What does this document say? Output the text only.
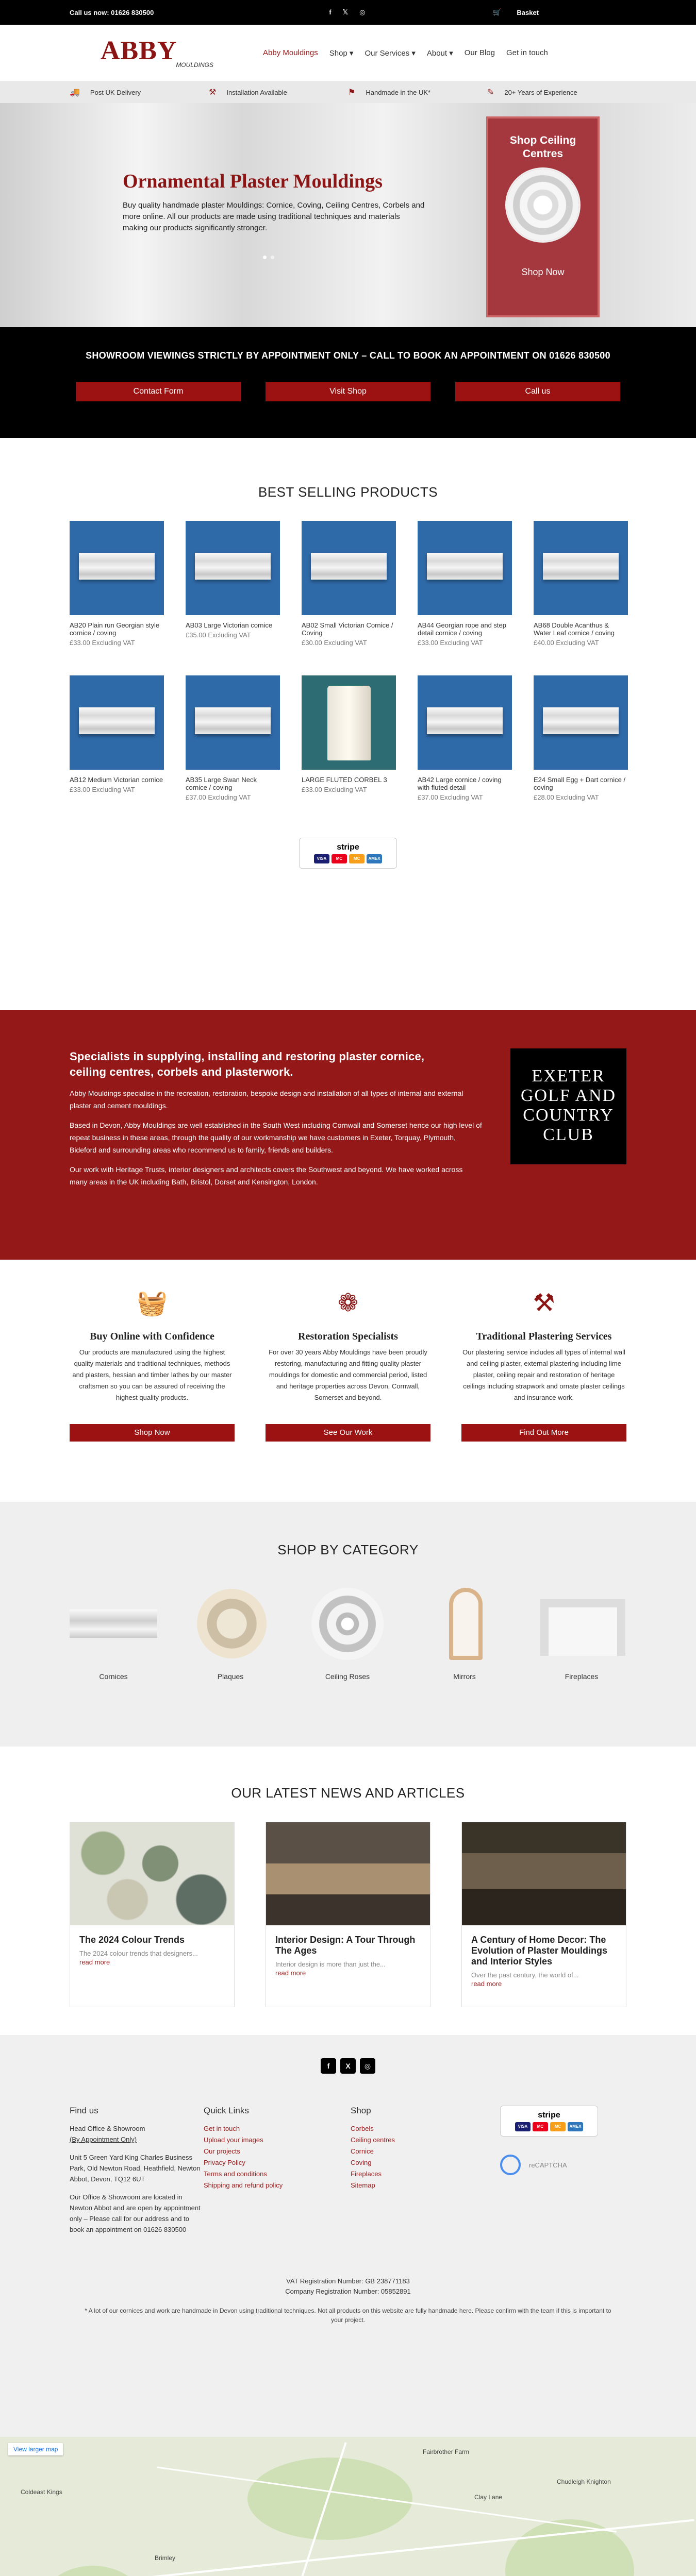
Call us now: 01626 830500	f 𝕏 ◎	🛒 Basket
ABBY
MOULDINGS
Abby Mouldings Shop ▾ Our Services ▾ About ▾ Our Blog Get in touch
🚚 Post UK Delivery	⚒ Installation Available	⚑ Handmade in the UK*	✎ 20+ Years of Experience
Ornamental Plaster Mouldings
Buy quality handmade plaster Mouldings: Cornice, Coving, Ceiling Centres, Corbels and more online. All our products are made using traditional techniques and materials making our products significantly stronger.
Shop Ceiling Centres
Shop Now
SHOWROOM VIEWINGS STRICTLY BY APPOINTMENT ONLY – CALL TO BOOK AN APPOINTMENT ON 01626 830500
Contact Form	Visit Shop	Call us
BEST SELLING PRODUCTS
AB20 Plain run Georgian style cornice / coving
£33.00 Excluding VAT
AB03 Large Victorian cornice
£35.00 Excluding VAT
AB02 Small Victorian Cornice / Coving
£30.00 Excluding VAT
AB44 Georgian rope and step detail cornice / coving
£33.00 Excluding VAT
AB68 Double Acanthus & Water Leaf cornice / coving
£40.00 Excluding VAT
AB12 Medium Victorian cornice
£33.00 Excluding VAT
AB35 Large Swan Neck cornice / coving
£37.00 Excluding VAT
LARGE FLUTED CORBEL 3
£33.00 Excluding VAT
AB42 Large cornice / coving with fluted detail
£37.00 Excluding VAT
E24 Small Egg + Dart cornice / coving
£28.00 Excluding VAT
stripe
VISA	MC	MC	AMEX
Specialists in supplying, installing and restoring plaster cornice, ceiling centres, corbels and plasterwork.

Abby Mouldings specialise in the recreation, restoration, bespoke design and installation of all types of internal and external plaster and cement mouldings.

Based in Devon, Abby Mouldings are well established in the South West including Cornwall and Somerset hence our high level of repeat business in these areas, through the quality of our workmanship we have customers in Exeter, Torquay, Plymouth, Bideford and surrounding areas who recommend us to family, friends and builders.

Our work with Heritage Trusts, interior designers and architects covers the Southwest and beyond. We have worked across many areas in the UK including Bath, Bristol, Dorset and Kensington, London.

EXETER GOLF AND COUNTRY CLUB
🧺
Buy Online with Confidence

Our products are manufactured using the highest quality materials and traditional techniques, methods and plasters, hessian and timber lathes by our master craftsmen so you can be assured of receiving the highest quality products.

Shop Now
❁
Restoration Specialists

For over 30 years Abby Mouldings have been proudly restoring, manufacturing and fitting quality plaster mouldings for domestic and commercial period, listed and heritage properties across Devon, Cornwall, Somerset and beyond.

See Our Work
⚒
Traditional Plastering Services

Our plastering service includes all types of internal wall and ceiling plaster, external plastering including lime plaster, ceiling repair and restoration of heritage ceilings including strapwork and ornate plaster ceilings and insurance work.

Find Out More
SHOP BY CATEGORY
Cornices	Plaques	Ceiling Roses	Mirrors	Fireplaces
OUR LATEST NEWS AND ARTICLES
The 2024 Colour Trends
The 2024 colour trends that designers...
read more
Interior Design: A Tour Through The Ages
Interior design is more than just the...
read more
A Century of Home Decor: The Evolution of Plaster Mouldings and Interior Styles
Over the past century, the world of...
read more
f	X	◎
Find us
Head Office & Showroom
(By Appointment Only)
Unit 5 Green Yard King Charles Business Park, Old Newton Road, Heathfield, Newton Abbot, Devon, TQ12 6UT
Our Office & Showroom are located in Newton Abbot and are open by appointment only – Please call for our address and to book an appointment on 01626 830500
Quick Links
Get in touch
Upload your images
Our projects
Privacy Policy
Terms and conditions
Shipping and refund policy
Shop
Corbels
Ceiling centres
Cornice
Coving
Fireplaces
Sitemap
stripe
VISA	MC	MC	AMEX
reCAPTCHA
VAT Registration Number: GB 238771183
Company Registration Number: 05852891
* A lot of our cornices and work are handmade in Devon using traditional techniques. Not all products on this website are fully handmade here. Please confirm with the team if this is important to your project.
View larger map
Coldeast Kings
Brimley
Chudleigh Knighton
Clay Lane
Fairbrother Farm
